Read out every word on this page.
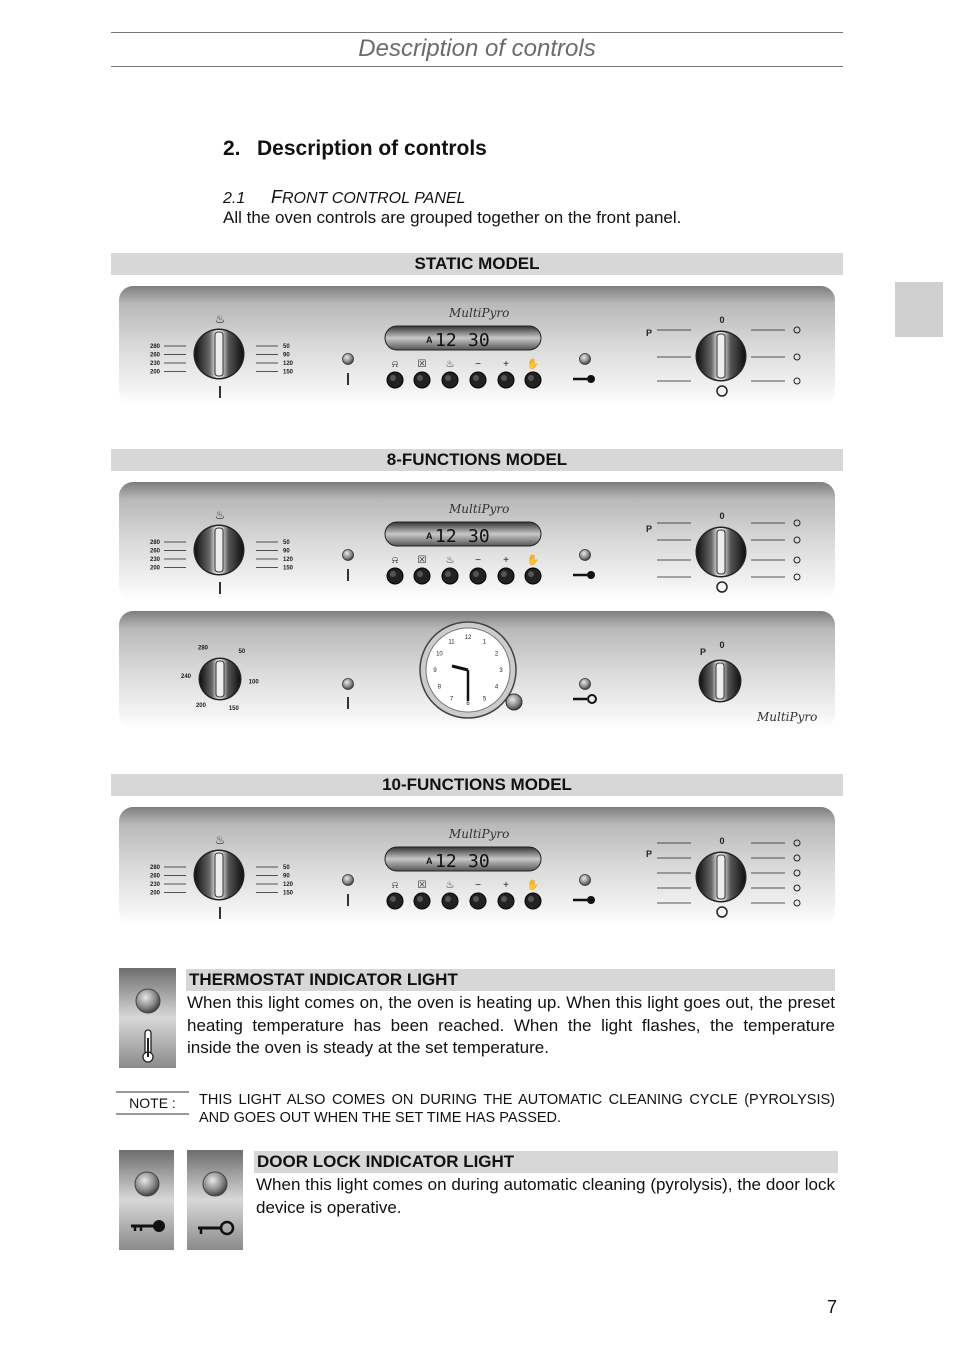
Description of controls
2. Description of controls
2.1 FRONT CONTROL PANEL
All the oven controls are grouped together on the front panel.
STATIC MODEL
♨
280
260
230
200
50
90
120
150
MultiPyro
A 12 30
⍾ ☒ ♨ − + ✋
P
0
8-FUNCTIONS MODEL
♨
280
260
230
200
50
90
120
150
MultiPyro
A 12 30
⍾ ☒ ♨ − + ✋
P
0
50
100
150
200
240
280
12
1
2
3
4
5
6
7
8
9
10
11
P
0
MultiPyro
10-FUNCTIONS MODEL
♨
280
260
230
200
50
90
120
150
MultiPyro
A 12 30
⍾ ☒ ♨ − + ✋
P
0
THERMOSTAT INDICATOR LIGHT
When this light comes on, the oven is heating up. When this light goes out, the preset heating temperature has been reached. When the light flashes, the temperature inside the oven is steady at the set temperature.
NOTE :	THIS LIGHT ALSO COMES ON DURING THE AUTOMATIC CLEANING CYCLE (PYROLYSIS) AND GOES OUT WHEN THE SET TIME HAS PASSED.
DOOR LOCK INDICATOR LIGHT
When this light comes on during automatic cleaning (pyrolysis), the door lock device is operative.
7
